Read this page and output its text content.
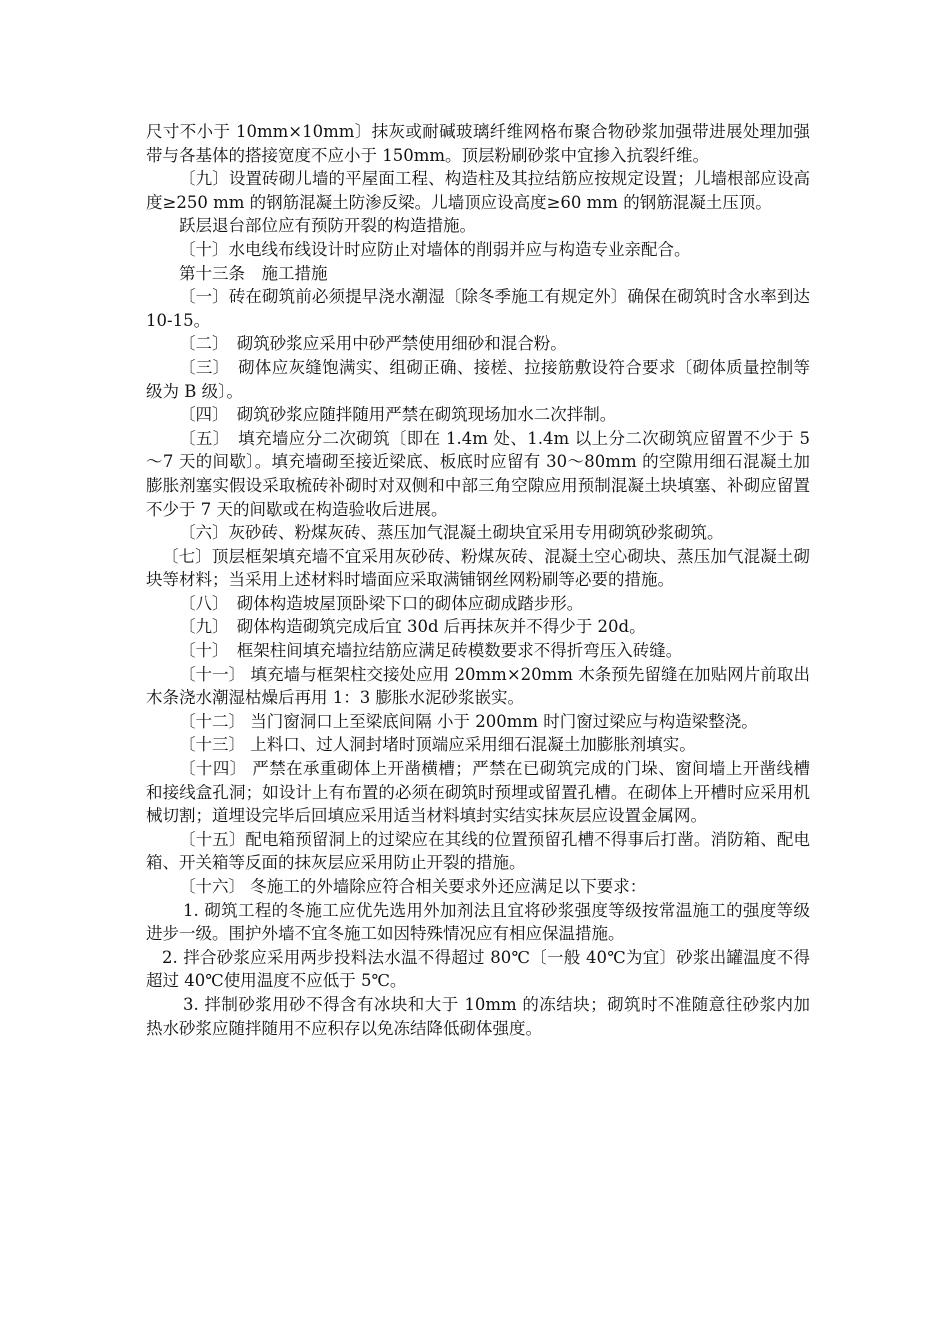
尺寸不小于 10mm×10mm〕抹灰或耐碱玻璃纤维网格布聚合物砂浆加强带进展处理加强带与各基体的搭接宽度不应小于 150mm。顶层粉刷砂浆中宜掺入抗裂纤维。

〔九〕设置砖砌儿墙的平屋面工程、构造柱及其拉结筋应按规定设置；儿墙根部应设高度≥250 mm 的钢筋混凝土防渗反梁。儿墙顶应设高度≥60 mm 的钢筋混凝土压顶。

跃层退台部位应有预防开裂的构造措施。

〔十〕水电线布线设计时应防止对墙体的削弱并应与构造专业亲配合。

第十三条　施工措施

〔一〕砖在砌筑前必须提早浇水潮湿〔除冬季施工有规定外〕确保在砌筑时含水率到达 10-15。

〔二〕　砌筑砂浆应采用中砂严禁使用细砂和混合粉。

〔三〕　砌体应灰缝饱满实、组砌正确、接槎、拉接筋敷设符合要求〔砌体质量控制等级为 B 级〕。

〔四〕　砌筑砂浆应随拌随用严禁在砌筑现场加水二次拌制。

〔五〕　填充墙应分二次砌筑〔即在 1.4m 处、1.4m 以上分二次砌筑应留置不少于 5～7 天的间歇〕。填充墙砌至接近梁底、板底时应留有 30～80mm 的空隙用细石混凝土加膨胀剂塞实假设采取梳砖补砌时对双侧和中部三角空隙应用预制混凝土块填塞、补砌应留置不少于 7 天的间歇或在构造验收后进展。

〔六〕灰砂砖、粉煤灰砖、蒸压加气混凝土砌块宜采用专用砌筑砂浆砌筑。

〔七〕顶层框架填充墙不宜采用灰砂砖、粉煤灰砖、混凝土空心砌块、蒸压加气混凝土砌块等材料；当采用上述材料时墙面应采取满铺钢丝网粉刷等必要的措施。

〔八〕　砌体构造坡屋顶卧梁下口的砌体应砌成踏步形。

〔九〕　砌体构造砌筑完成后宜 30d 后再抹灰并不得少于 20d。

〔十〕　框架柱间填充墙拉结筋应满足砖模数要求不得折弯压入砖缝。

〔十一〕 填充墙与框架柱交接处应用 20mm×20mm 木条预先留缝在加贴网片前取出木条浇水潮湿枯燥后再用 1：3 膨胀水泥砂浆嵌实。

〔十二〕 当门窗洞口上至梁底间隔 小于 200mm 时门窗过梁应与构造梁整浇。

〔十三〕 上料口、过人洞封堵时顶端应采用细石混凝土加膨胀剂填实。

〔十四〕 严禁在承重砌体上开凿横槽；严禁在已砌筑完成的门垛、窗间墙上开凿线槽和接线盒孔洞；如设计上有布置的必须在砌筑时预埋或留置孔槽。在砌体上开槽时应采用机械切割；道埋设完毕后回填应采用适当材料填封实结实抹灰层应设置金属网。

〔十五〕配电箱预留洞上的过梁应在其线的位置预留孔槽不得事后打凿。消防箱、配电箱、开关箱等反面的抹灰层应采用防止开裂的措施。

〔十六〕 冬施工的外墙除应符合相关要求外还应满足以下要求：

1. 砌筑工程的冬施工应优先选用外加剂法且宜将砂浆强度等级按常温施工的强度等级进步一级。围护外墙不宜冬施工如因特殊情况应有相应保温措施。

2. 拌合砂浆应采用两步投料法水温不得超过 80℃〔一般 40℃为宜〕砂浆出罐温度不得超过 40℃使用温度不应低于 5℃。

3. 拌制砂浆用砂不得含有冰块和大于 10mm 的冻结块；砌筑时不准随意往砂浆内加热水砂浆应随拌随用不应积存以免冻结降低砌体强度。
